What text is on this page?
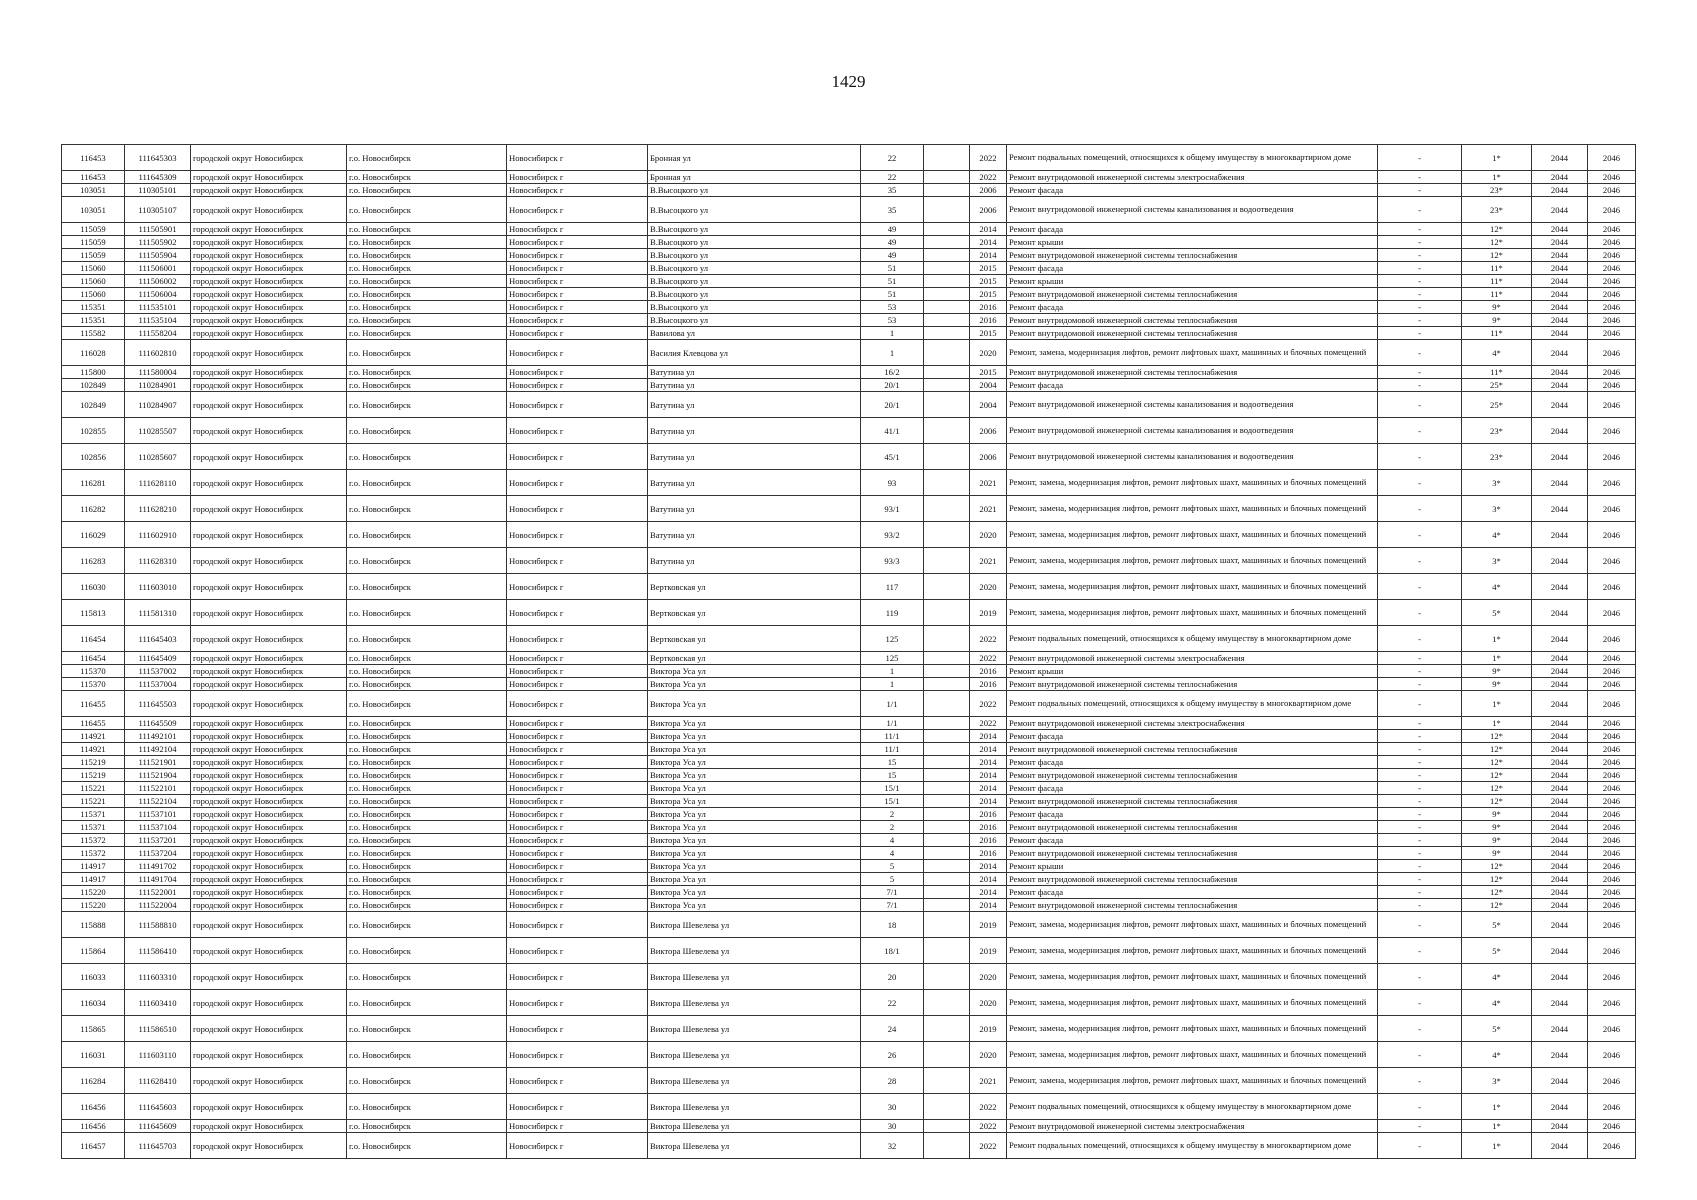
1429
116453	111645303	городской округ Новосибирск	г.о. Новосибирск	Новосибирск г	Бронная ул	22		2022	Ремонт подвальных помещений, относящихся к общему имуществу в многоквартирном доме	-	1*	2044	2046
116453	111645309	городской округ Новосибирск	г.о. Новосибирск	Новосибирск г	Бронная ул	22		2022	Ремонт внутридомовой инженерной системы электроснабжения	-	1*	2044	2046
103051	110305101	городской округ Новосибирск	г.о. Новосибирск	Новосибирск г	В.Высоцкого ул	35		2006	Ремонт фасада	-	23*	2044	2046
103051	110305107	городской округ Новосибирск	г.о. Новосибирск	Новосибирск г	В.Высоцкого ул	35		2006	Ремонт внутридомовой инженерной системы канализования и водоотведения	-	23*	2044	2046
115059	111505901	городской округ Новосибирск	г.о. Новосибирск	Новосибирск г	В.Высоцкого ул	49		2014	Ремонт фасада	-	12*	2044	2046
115059	111505902	городской округ Новосибирск	г.о. Новосибирск	Новосибирск г	В.Высоцкого ул	49		2014	Ремонт крыши	-	12*	2044	2046
115059	111505904	городской округ Новосибирск	г.о. Новосибирск	Новосибирск г	В.Высоцкого ул	49		2014	Ремонт внутридомовой инженерной системы теплоснабжения	-	12*	2044	2046
115060	111506001	городской округ Новосибирск	г.о. Новосибирск	Новосибирск г	В.Высоцкого ул	51		2015	Ремонт фасада	-	11*	2044	2046
115060	111506002	городской округ Новосибирск	г.о. Новосибирск	Новосибирск г	В.Высоцкого ул	51		2015	Ремонт крыши	-	11*	2044	2046
115060	111506004	городской округ Новосибирск	г.о. Новосибирск	Новосибирск г	В.Высоцкого ул	51		2015	Ремонт внутридомовой инженерной системы теплоснабжения	-	11*	2044	2046
115351	111535101	городской округ Новосибирск	г.о. Новосибирск	Новосибирск г	В.Высоцкого ул	53		2016	Ремонт фасада	-	9*	2044	2046
115351	111535104	городской округ Новосибирск	г.о. Новосибирск	Новосибирск г	В.Высоцкого ул	53		2016	Ремонт внутридомовой инженерной системы теплоснабжения	-	9*	2044	2046
115582	111558204	городской округ Новосибирск	г.о. Новосибирск	Новосибирск г	Вавилова ул	1		2015	Ремонт внутридомовой инженерной системы теплоснабжения	-	11*	2044	2046
116028	111602810	городской округ Новосибирск	г.о. Новосибирск	Новосибирск г	Василия Клевцова ул	1		2020	Ремонт, замена, модернизация лифтов, ремонт лифтовых шахт, машинных и блочных помещений	-	4*	2044	2046
115800	111580004	городской округ Новосибирск	г.о. Новосибирск	Новосибирск г	Ватутина ул	16/2		2015	Ремонт внутридомовой инженерной системы теплоснабжения	-	11*	2044	2046
102849	110284901	городской округ Новосибирск	г.о. Новосибирск	Новосибирск г	Ватутина ул	20/1		2004	Ремонт фасада	-	25*	2044	2046
102849	110284907	городской округ Новосибирск	г.о. Новосибирск	Новосибирск г	Ватутина ул	20/1		2004	Ремонт внутридомовой инженерной системы канализования и водоотведения	-	25*	2044	2046
102855	110285507	городской округ Новосибирск	г.о. Новосибирск	Новосибирск г	Ватутина ул	41/1		2006	Ремонт внутридомовой инженерной системы канализования и водоотведения	-	23*	2044	2046
102856	110285607	городской округ Новосибирск	г.о. Новосибирск	Новосибирск г	Ватутина ул	45/1		2006	Ремонт внутридомовой инженерной системы канализования и водоотведения	-	23*	2044	2046
116281	111628110	городской округ Новосибирск	г.о. Новосибирск	Новосибирск г	Ватутина ул	93		2021	Ремонт, замена, модернизация лифтов, ремонт лифтовых шахт, машинных и блочных помещений	-	3*	2044	2046
116282	111628210	городской округ Новосибирск	г.о. Новосибирск	Новосибирск г	Ватутина ул	93/1		2021	Ремонт, замена, модернизация лифтов, ремонт лифтовых шахт, машинных и блочных помещений	-	3*	2044	2046
116029	111602910	городской округ Новосибирск	г.о. Новосибирск	Новосибирск г	Ватутина ул	93/2		2020	Ремонт, замена, модернизация лифтов, ремонт лифтовых шахт, машинных и блочных помещений	-	4*	2044	2046
116283	111628310	городской округ Новосибирск	г.о. Новосибирск	Новосибирск г	Ватутина ул	93/3		2021	Ремонт, замена, модернизация лифтов, ремонт лифтовых шахт, машинных и блочных помещений	-	3*	2044	2046
116030	111603010	городской округ Новосибирск	г.о. Новосибирск	Новосибирск г	Вертковская ул	117		2020	Ремонт, замена, модернизация лифтов, ремонт лифтовых шахт, машинных и блочных помещений	-	4*	2044	2046
115813	111581310	городской округ Новосибирск	г.о. Новосибирск	Новосибирск г	Вертковская ул	119		2019	Ремонт, замена, модернизация лифтов, ремонт лифтовых шахт, машинных и блочных помещений	-	5*	2044	2046
116454	111645403	городской округ Новосибирск	г.о. Новосибирск	Новосибирск г	Вертковская ул	125		2022	Ремонт подвальных помещений, относящихся к общему имуществу в многоквартирном доме	-	1*	2044	2046
116454	111645409	городской округ Новосибирск	г.о. Новосибирск	Новосибирск г	Вертковская ул	125		2022	Ремонт внутридомовой инженерной системы электроснабжения	-	1*	2044	2046
115370	111537002	городской округ Новосибирск	г.о. Новосибирск	Новосибирск г	Виктора Уса ул	1		2016	Ремонт крыши	-	9*	2044	2046
115370	111537004	городской округ Новосибирск	г.о. Новосибирск	Новосибирск г	Виктора Уса ул	1		2016	Ремонт внутридомовой инженерной системы теплоснабжения	-	9*	2044	2046
116455	111645503	городской округ Новосибирск	г.о. Новосибирск	Новосибирск г	Виктора Уса ул	1/1		2022	Ремонт подвальных помещений, относящихся к общему имуществу в многоквартирном доме	-	1*	2044	2046
116455	111645509	городской округ Новосибирск	г.о. Новосибирск	Новосибирск г	Виктора Уса ул	1/1		2022	Ремонт внутридомовой инженерной системы электроснабжения	-	1*	2044	2046
114921	111492101	городской округ Новосибирск	г.о. Новосибирск	Новосибирск г	Виктора Уса ул	11/1		2014	Ремонт фасада	-	12*	2044	2046
114921	111492104	городской округ Новосибирск	г.о. Новосибирск	Новосибирск г	Виктора Уса ул	11/1		2014	Ремонт внутридомовой инженерной системы теплоснабжения	-	12*	2044	2046
115219	111521901	городской округ Новосибирск	г.о. Новосибирск	Новосибирск г	Виктора Уса ул	15		2014	Ремонт фасада	-	12*	2044	2046
115219	111521904	городской округ Новосибирск	г.о. Новосибирск	Новосибирск г	Виктора Уса ул	15		2014	Ремонт внутридомовой инженерной системы теплоснабжения	-	12*	2044	2046
115221	111522101	городской округ Новосибирск	г.о. Новосибирск	Новосибирск г	Виктора Уса ул	15/1		2014	Ремонт фасада	-	12*	2044	2046
115221	111522104	городской округ Новосибирск	г.о. Новосибирск	Новосибирск г	Виктора Уса ул	15/1		2014	Ремонт внутридомовой инженерной системы теплоснабжения	-	12*	2044	2046
115371	111537101	городской округ Новосибирск	г.о. Новосибирск	Новосибирск г	Виктора Уса ул	2		2016	Ремонт фасада	-	9*	2044	2046
115371	111537104	городской округ Новосибирск	г.о. Новосибирск	Новосибирск г	Виктора Уса ул	2		2016	Ремонт внутридомовой инженерной системы теплоснабжения	-	9*	2044	2046
115372	111537201	городской округ Новосибирск	г.о. Новосибирск	Новосибирск г	Виктора Уса ул	4		2016	Ремонт фасада	-	9*	2044	2046
115372	111537204	городской округ Новосибирск	г.о. Новосибирск	Новосибирск г	Виктора Уса ул	4		2016	Ремонт внутридомовой инженерной системы теплоснабжения	-	9*	2044	2046
114917	111491702	городской округ Новосибирск	г.о. Новосибирск	Новосибирск г	Виктора Уса ул	5		2014	Ремонт крыши	-	12*	2044	2046
114917	111491704	городской округ Новосибирск	г.о. Новосибирск	Новосибирск г	Виктора Уса ул	5		2014	Ремонт внутридомовой инженерной системы теплоснабжения	-	12*	2044	2046
115220	111522001	городской округ Новосибирск	г.о. Новосибирск	Новосибирск г	Виктора Уса ул	7/1		2014	Ремонт фасада	-	12*	2044	2046
115220	111522004	городской округ Новосибирск	г.о. Новосибирск	Новосибирск г	Виктора Уса ул	7/1		2014	Ремонт внутридомовой инженерной системы теплоснабжения	-	12*	2044	2046
115888	111588810	городской округ Новосибирск	г.о. Новосибирск	Новосибирск г	Виктора Шевелева ул	18		2019	Ремонт, замена, модернизация лифтов, ремонт лифтовых шахт, машинных и блочных помещений	-	5*	2044	2046
115864	111586410	городской округ Новосибирск	г.о. Новосибирск	Новосибирск г	Виктора Шевелева ул	18/1		2019	Ремонт, замена, модернизация лифтов, ремонт лифтовых шахт, машинных и блочных помещений	-	5*	2044	2046
116033	111603310	городской округ Новосибирск	г.о. Новосибирск	Новосибирск г	Виктора Шевелева ул	20		2020	Ремонт, замена, модернизация лифтов, ремонт лифтовых шахт, машинных и блочных помещений	-	4*	2044	2046
116034	111603410	городской округ Новосибирск	г.о. Новосибирск	Новосибирск г	Виктора Шевелева ул	22		2020	Ремонт, замена, модернизация лифтов, ремонт лифтовых шахт, машинных и блочных помещений	-	4*	2044	2046
115865	111586510	городской округ Новосибирск	г.о. Новосибирск	Новосибирск г	Виктора Шевелева ул	24		2019	Ремонт, замена, модернизация лифтов, ремонт лифтовых шахт, машинных и блочных помещений	-	5*	2044	2046
116031	111603110	городской округ Новосибирск	г.о. Новосибирск	Новосибирск г	Виктора Шевелева ул	26		2020	Ремонт, замена, модернизация лифтов, ремонт лифтовых шахт, машинных и блочных помещений	-	4*	2044	2046
116284	111628410	городской округ Новосибирск	г.о. Новосибирск	Новосибирск г	Виктора Шевелева ул	28		2021	Ремонт, замена, модернизация лифтов, ремонт лифтовых шахт, машинных и блочных помещений	-	3*	2044	2046
116456	111645603	городской округ Новосибирск	г.о. Новосибирск	Новосибирск г	Виктора Шевелева ул	30		2022	Ремонт подвальных помещений, относящихся к общему имуществу в многоквартирном доме	-	1*	2044	2046
116456	111645609	городской округ Новосибирск	г.о. Новосибирск	Новосибирск г	Виктора Шевелева ул	30		2022	Ремонт внутридомовой инженерной системы электроснабжения	-	1*	2044	2046
116457	111645703	городской округ Новосибирск	г.о. Новосибирск	Новосибирск г	Виктора Шевелева ул	32		2022	Ремонт подвальных помещений, относящихся к общему имуществу в многоквартирном доме	-	1*	2044	2046
